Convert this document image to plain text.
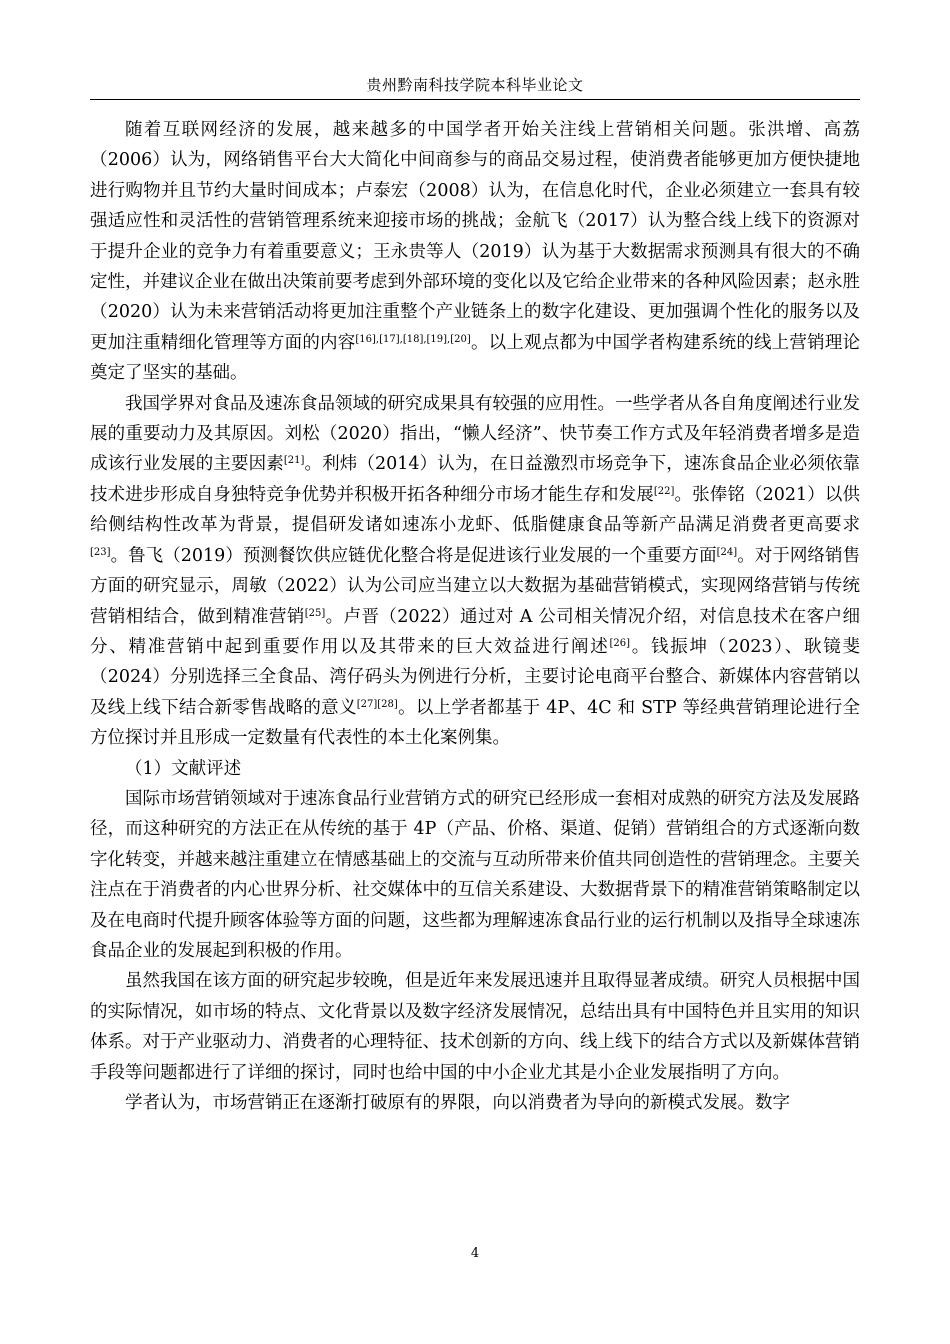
贵州黔南科技学院本科毕业论文

随着互联网经济的发展，越来越多的中国学者开始关注线上营销相关问题。张洪增、高荔（2006）认为，网络销售平台大大简化中间商参与的商品交易过程，使消费者能够更加方便快捷地进行购物并且节约大量时间成本；卢泰宏（2008）认为，在信息化时代，企业必须建立一套具有较强适应性和灵活性的营销管理系统来迎接市场的挑战；金航飞（2017）认为整合线上线下的资源对于提升企业的竞争力有着重要意义；王永贵等人（2019）认为基于大数据需求预测具有很大的不确定性，并建议企业在做出决策前要考虑到外部环境的变化以及它给企业带来的各种风险因素；赵永胜（2020）认为未来营销活动将更加注重整个产业链条上的数字化建设、更加强调个性化的服务以及更加注重精细化管理等方面的内容[16],[17],[18],[19],[20]。以上观点都为中国学者构建系统的线上营销理论奠定了坚实的基础。

我国学界对食品及速冻食品领域的研究成果具有较强的应用性。一些学者从各自角度阐述行业发展的重要动力及其原因。刘松（2020）指出，“懒人经济”、快节奏工作方式及年轻消费者增多是造成该行业发展的主要因素[21]。利炜（2014）认为，在日益激烈市场竞争下，速冻食品企业必须依靠技术进步形成自身独特竞争优势并积极开拓各种细分市场才能生存和发展[22]。张俸铭（2021）以供给侧结构性改革为背景，提倡研发诸如速冻小龙虾、低脂健康食品等新产品满足消费者更高要求[23]。鲁飞（2019）预测餐饮供应链优化整合将是促进该行业发展的一个重要方面[24]。对于网络销售方面的研究显示，周敏（2022）认为公司应当建立以大数据为基础营销模式，实现网络营销与传统营销相结合，做到精准营销[25]。卢晋（2022）通过对 A 公司相关情况介绍，对信息技术在客户细分、精准营销中起到重要作用以及其带来的巨大效益进行阐述[26]。钱振坤（2023）、耿镜斐（2024）分别选择三全食品、湾仔码头为例进行分析，主要讨论电商平台整合、新媒体内容营销以及线上线下结合新零售战略的意义[27][28]。以上学者都基于 4P、4C 和 STP 等经典营销理论进行全方位探讨并且形成一定数量有代表性的本土化案例集。

（1）文献评述

国际市场营销领域对于速冻食品行业营销方式的研究已经形成一套相对成熟的研究方法及发展路径，而这种研究的方法正在从传统的基于 4P（产品、价格、渠道、促销）营销组合的方式逐渐向数字化转变，并越来越注重建立在情感基础上的交流与互动所带来价值共同创造性的营销理念。主要关注点在于消费者的内心世界分析、社交媒体中的互信关系建设、大数据背景下的精准营销策略制定以及在电商时代提升顾客体验等方面的问题，这些都为理解速冻食品行业的运行机制以及指导全球速冻食品企业的发展起到积极的作用。

虽然我国在该方面的研究起步较晚，但是近年来发展迅速并且取得显著成绩。研究人员根据中国的实际情况，如市场的特点、文化背景以及数字经济发展情况，总结出具有中国特色并且实用的知识体系。对于产业驱动力、消费者的心理特征、技术创新的方向、线上线下的结合方式以及新媒体营销手段等问题都进行了详细的探讨，同时也给中国的中小企业尤其是小企业发展指明了方向。

学者认为，市场营销正在逐渐打破原有的界限，向以消费者为导向的新模式发展。数字

4
